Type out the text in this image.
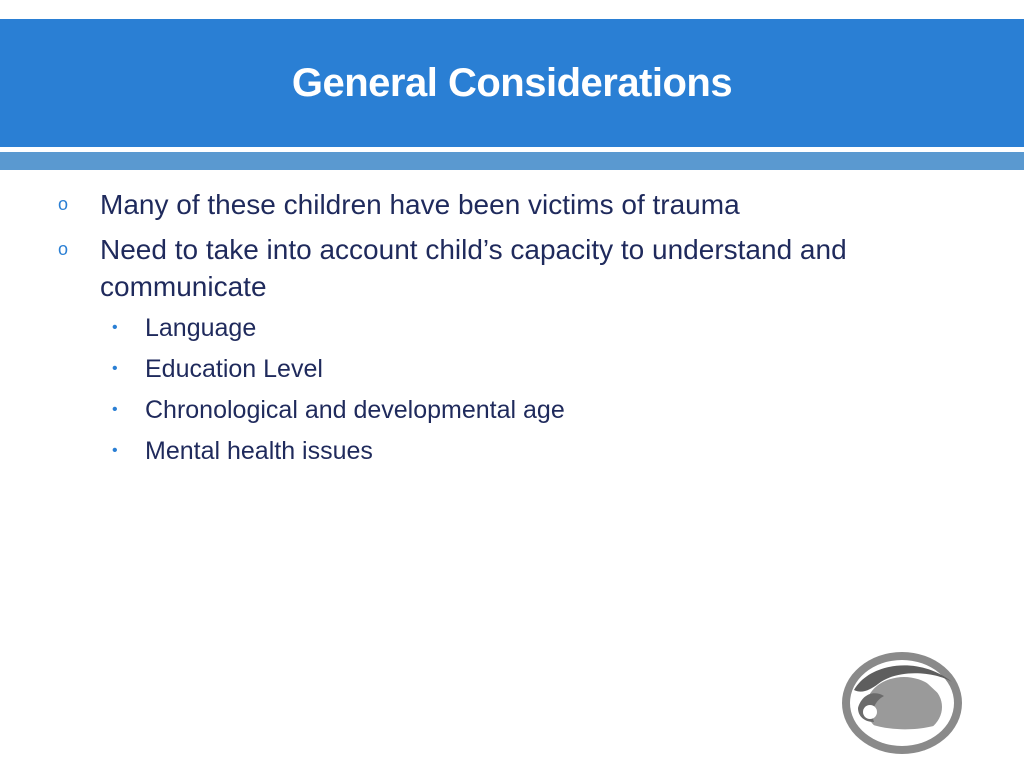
General Considerations
o Many of these children have been victims of trauma
o Need to take into account child’s capacity to understand and communicate
• Language
• Education Level
• Chronological and developmental age
• Mental health issues
